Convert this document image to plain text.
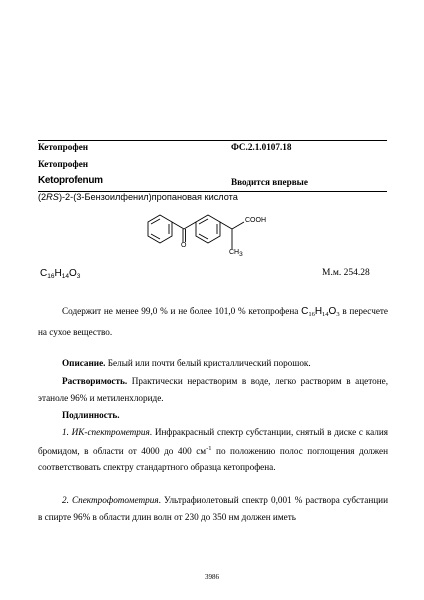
Кетопрофен	ФС.2.1.0107.18
Кетопрофен
Ketoprofenum	Вводится впервые
(2RS)-2-(3-Бензоилфенил)пропановая кислота
O
COOH
$CH_3$
$C_{16}H_{14}O_3$	М.м. 254.28
Содержит не менее 99,0 % и не более 101,0 % кетопрофена $C_{16}H_{14}O_3$ в пересчете на сухое вещество.
Описание. Белый или почти белый кристаллический порошок.
Растворимость. Практически нерастворим в воде, легко растворим в ацетоне, этаноле 96% и метиленхлориде.
Подлинность.
1. ИК-спектрометрия. Инфракрасный спектр субстанции, снятый в диске с калия бромидом, в области от 4000 до 400 $см^{-1}$ по положению полос поглощения должен соответствовать спектру стандартного образца кетопрофена.
2. Спектрофотометрия. Ультрафиолетовый спектр 0,001 % раствора субстанции в спирте 96% в области длин волн от 230 до 350 нм должен иметь
3986
